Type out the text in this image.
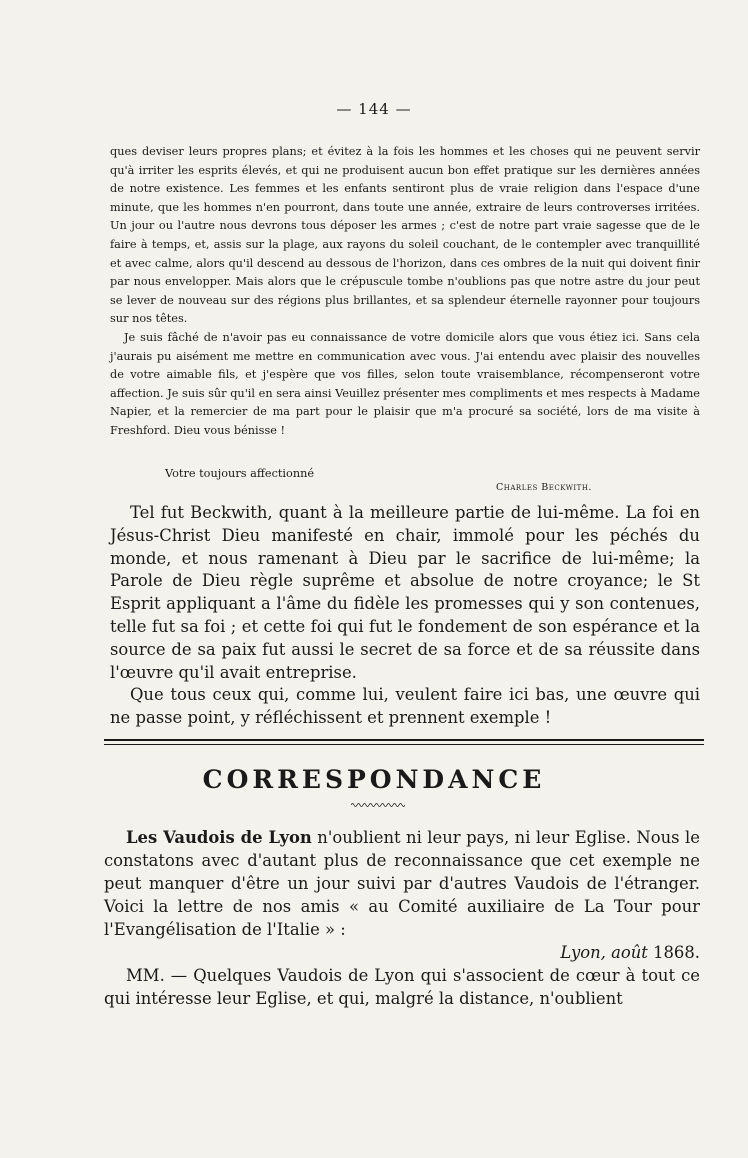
— 144 —

ques deviser leurs propres plans; et évitez à la fois les hommes et les choses qui ne peuvent servir qu'à irriter les esprits élevés, et qui ne produisent aucun bon effet pratique sur les dernières années de notre existence. Les femmes et les enfants sentiront plus de vraie religion dans l'espace d'une minute, que les hommes n'en pourront, dans toute une année, extraire de leurs controverses irritées. Un jour ou l'autre nous devrons tous déposer les armes ; c'est de notre part vraie sagesse que de le faire à temps, et, assis sur la plage, aux rayons du soleil couchant, de le contempler avec tranquillité et avec calme, alors qu'il descend au dessous de l'horizon, dans ces ombres de la nuit qui doivent finir par nous envelopper. Mais alors que le crépuscule tombe n'oublions pas que notre astre du jour peut se lever de nouveau sur des régions plus brillantes, et sa splendeur éternelle rayonner pour toujours sur nos têtes.

Je suis fâché de n'avoir pas eu connaissance de votre domicile alors que vous étiez ici. Sans cela j'aurais pu aisément me mettre en communication avec vous. J'ai entendu avec plaisir des nouvelles de votre aimable fils, et j'espère que vos filles, selon toute vraisemblance, récompenseront votre affection. Je suis sûr qu'il en sera ainsi Veuillez présenter mes compliments et mes respects à Madame Napier, et la remercier de ma part pour le plaisir que m'a procuré sa société, lors de ma visite à Freshford. Dieu vous bénisse !

Votre toujours affectionné
Charles Beckwith.

Tel fut Beckwith, quant à la meilleure partie de lui-même. La foi en Jésus-Christ Dieu manifesté en chair, immolé pour les péchés du monde, et nous ramenant à Dieu par le sacrifice de lui-même; la Parole de Dieu règle suprême et absolue de notre croyance; le St Esprit appliquant a l'âme du fidèle les promesses qui y son contenues, telle fut sa foi ; et cette foi qui fut le fondement de son espérance et la source de sa paix fut aussi le secret de sa force et de sa réussite dans l'œuvre qu'il avait entreprise.

Que tous ceux qui, comme lui, veulent faire ici bas, une œuvre qui ne passe point, y réfléchissent et prennent exemple !

CORRESPONDANCE

Les Vaudois de Lyon n'oublient ni leur pays, ni leur Eglise. Nous le constatons avec d'autant plus de reconnaissance que cet exemple ne peut manquer d'être un jour suivi par d'autres Vaudois de l'étranger. Voici la lettre de nos amis « au Comité auxiliaire de La Tour pour l'Evangélisation de l'Italie » :

Lyon, août 1868.

MM. — Quelques Vaudois de Lyon qui s'associent de cœur à tout ce qui intéresse leur Eglise, et qui, malgré la distance, n'oublient
